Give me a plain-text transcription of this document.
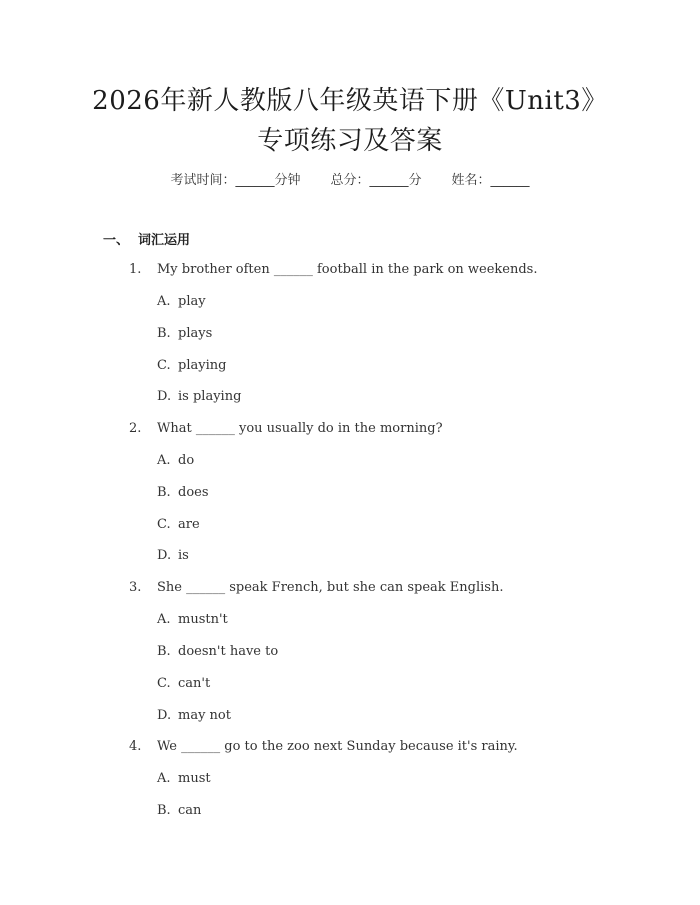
2026年新人教版八年级英语下册《Unit3》
专项练习及答案
考试时间：______分钟 总分：______分 姓名：______
一、 词汇运用
1. My brother often ______ football in the park on weekends.
A. play
B. plays
C. playing
D. is playing
2. What ______ you usually do in the morning?
A. do
B. does
C. are
D. is
3. She ______ speak French, but she can speak English.
A. mustn't
B. doesn't have to
C. can't
D. may not
4. We ______ go to the zoo next Sunday because it's rainy.
A. must
B. can
